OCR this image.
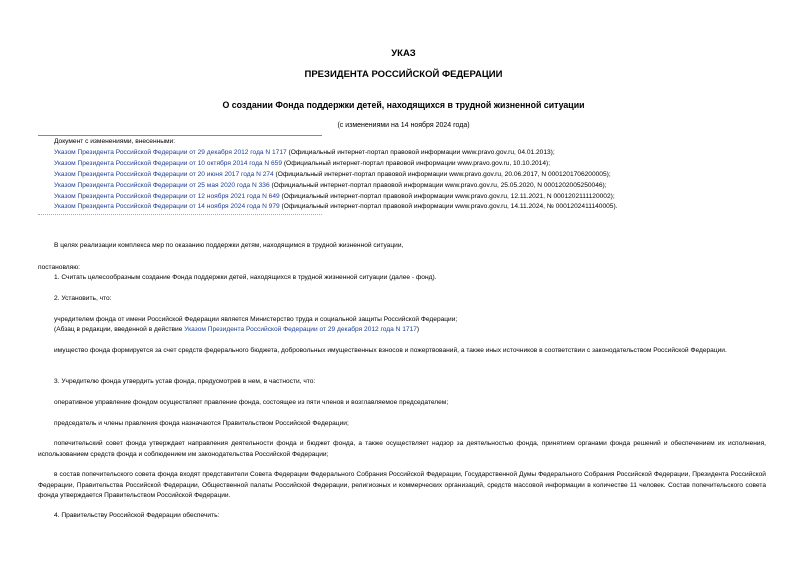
УКАЗ
ПРЕЗИДЕНТА РОССИЙСКОЙ ФЕДЕРАЦИИ
О создании Фонда поддержки детей, находящихся в трудной жизненной ситуации
(с изменениями на 14 ноября 2024 года)
Документ с изменениями, внесенными:
Указом Президента Российской Федерации от 29 декабря 2012 года N 1717 (Официальный интернет-портал правовой информации www.pravo.gov.ru, 04.01.2013);
Указом Президента Российской Федерации от 10 октября 2014 года N 659 (Официальный интернет-портал правовой информации www.pravo.gov.ru, 10.10.2014);
Указом Президента Российской Федерации от 20 июня 2017 года N 274 (Официальный интернет-портал правовой информации www.pravo.gov.ru, 20.06.2017, N 0001201706200005);
Указом Президента Российской Федерации от 25 мая 2020 года N 336 (Официальный интернет-портал правовой информации www.pravo.gov.ru, 25.05.2020, N 0001202005250046);
Указом Президента Российской Федерации от 12 ноября 2021 года N 649 (Официальный интернет-портал правовой информации www.pravo.gov.ru, 12.11.2021, N 0001202111120002);
Указом Президента Российской Федерации от 14 ноября 2024 года N 979 (Официальный интернет-портал правовой информации www.pravo.gov.ru, 14.11.2024, № 0001202411140005).
В целях реализации комплекса мер по оказанию поддержки детям, находящимся в трудной жизненной ситуации,
постановляю:
1. Считать целесообразным создание Фонда поддержки детей, находящихся в трудной жизненной ситуации (далее - фонд).
2. Установить, что:
учредителем фонда от имени Российской Федерации является Министерство труда и социальной защиты Российской Федерации;
(Абзац в редакции, введенной в действие Указом Президента Российской Федерации от 29 декабря 2012 года N 1717)
имущество фонда формируется за счет средств федерального бюджета, добровольных имущественных взносов и пожертвований, а также иных источников в соответствии с законодательством Российской Федерации.
3. Учредителю фонда утвердить устав фонда, предусмотрев в нем, в частности, что:
оперативное управление фондом осуществляет правление фонда, состоящее из пяти членов и возглавляемое председателем;
председатель и члены правления фонда назначаются Правительством Российской Федерации;
попечительский совет фонда утверждает направления деятельности фонда и бюджет фонда, а также осуществляет надзор за деятельностью фонда, принятием органами фонда решений и обеспечением их исполнения, использованием средств фонда и соблюдением им законодательства Российской Федерации;
в состав попечительского совета фонда входят представители Совета Федерации Федерального Собрания Российской Федерации, Государственной Думы Федерального Собрания Российской Федерации, Президента Российской Федерации, Правительства Российской Федерации, Общественной палаты Российской Федерации, религиозных и коммерческих организаций, средств массовой информации в количестве 11 человек. Состав попечительского совета фонда утверждается Правительством Российской Федерации.
4. Правительству Российской Федерации обеспечить:
